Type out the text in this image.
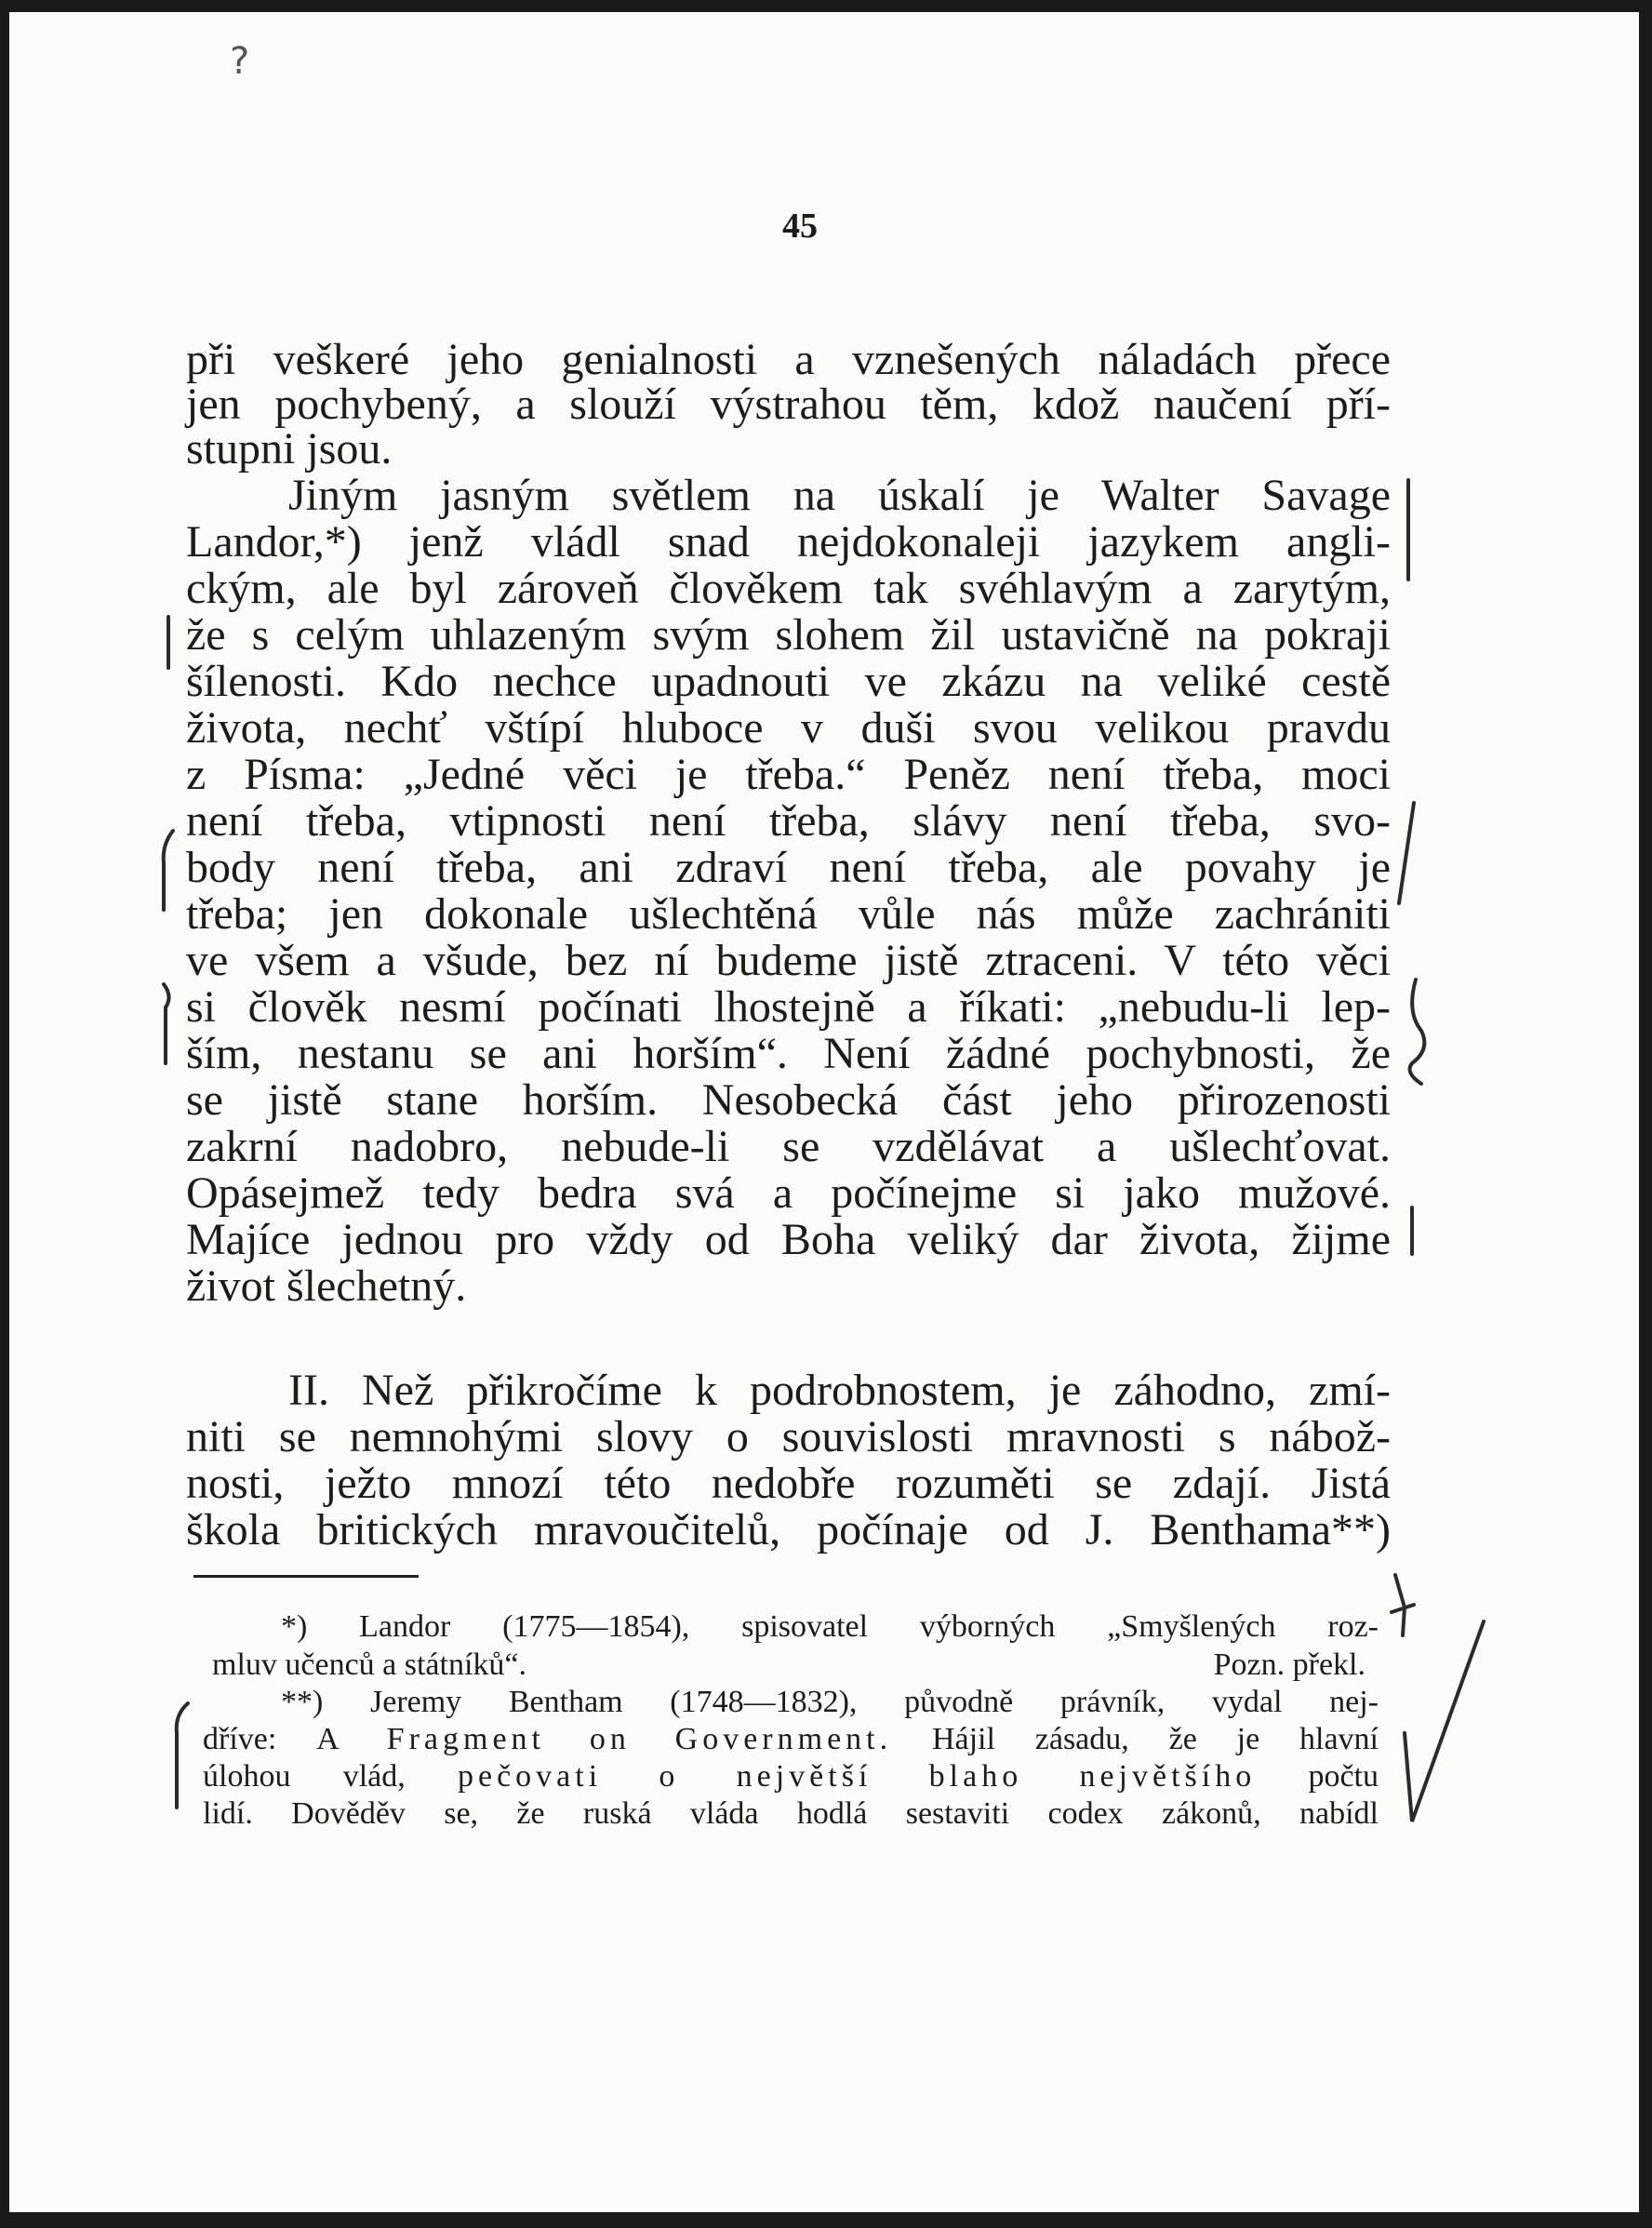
?
45
při veškeré jeho genialnosti a vznešených náladách přece
jen pochybený, a slouží výstrahou těm, kdož naučení pří-
stupni jsou.
Jiným jasným světlem na úskalí je Walter Savage
Landor,*) jenž vládl snad nejdokonaleji jazykem angli-
ckým, ale byl zároveň člověkem tak svéhlavým a zarytým,
že s celým uhlazeným svým slohem žil ustavičně na pokraji
šílenosti. Kdo nechce upadnouti ve zkázu na veliké cestě
života, nechť vštípí hluboce v duši svou velikou pravdu
z Písma: „Jedné věci je třeba.“ Peněz není třeba, moci
není třeba, vtipnosti není třeba, slávy není třeba, svo-
body není třeba, ani zdraví není třeba, ale povahy je
třeba; jen dokonale ušlechtěná vůle nás může zachrániti
ve všem a všude, bez ní budeme jistě ztraceni. V této věci
si člověk nesmí počínati lhostejně a říkati: „nebudu-li lep-
ším, nestanu se ani horším“. Není žádné pochybnosti, že
se jistě stane horším. Nesobecká část jeho přirozenosti
zakrní nadobro, nebude-li se vzdělávat a ušlechťovat.
Opásejmež tedy bedra svá a počínejme si jako mužové.
Majíce jednou pro vždy od Boha veliký dar života, žijme
život šlechetný.
II. Než přikročíme k podrobnostem, je záhodno, zmí-
niti se nemnohými slovy o souvislosti mravnosti s nábož-
nosti, ježto mnozí této nedobře rozuměti se zdají. Jistá
škola britických mravoučitelů, počínaje od J. Benthama**)
*) Landor (1775—1854), spisovatel výborných „Smyšlených roz-
mluv učenců a státníků“.	Pozn. překl.
**) Jeremy Bentham (1748—1832), původně právník, vydal nej-
dříve: A Fragment on Government. Hájil zásadu, že je hlavní
úlohou vlád, pečovati o největší blaho největšího počtu
lidí. Dověděv se, že ruská vláda hodlá sestaviti codex zákonů, nabídl
